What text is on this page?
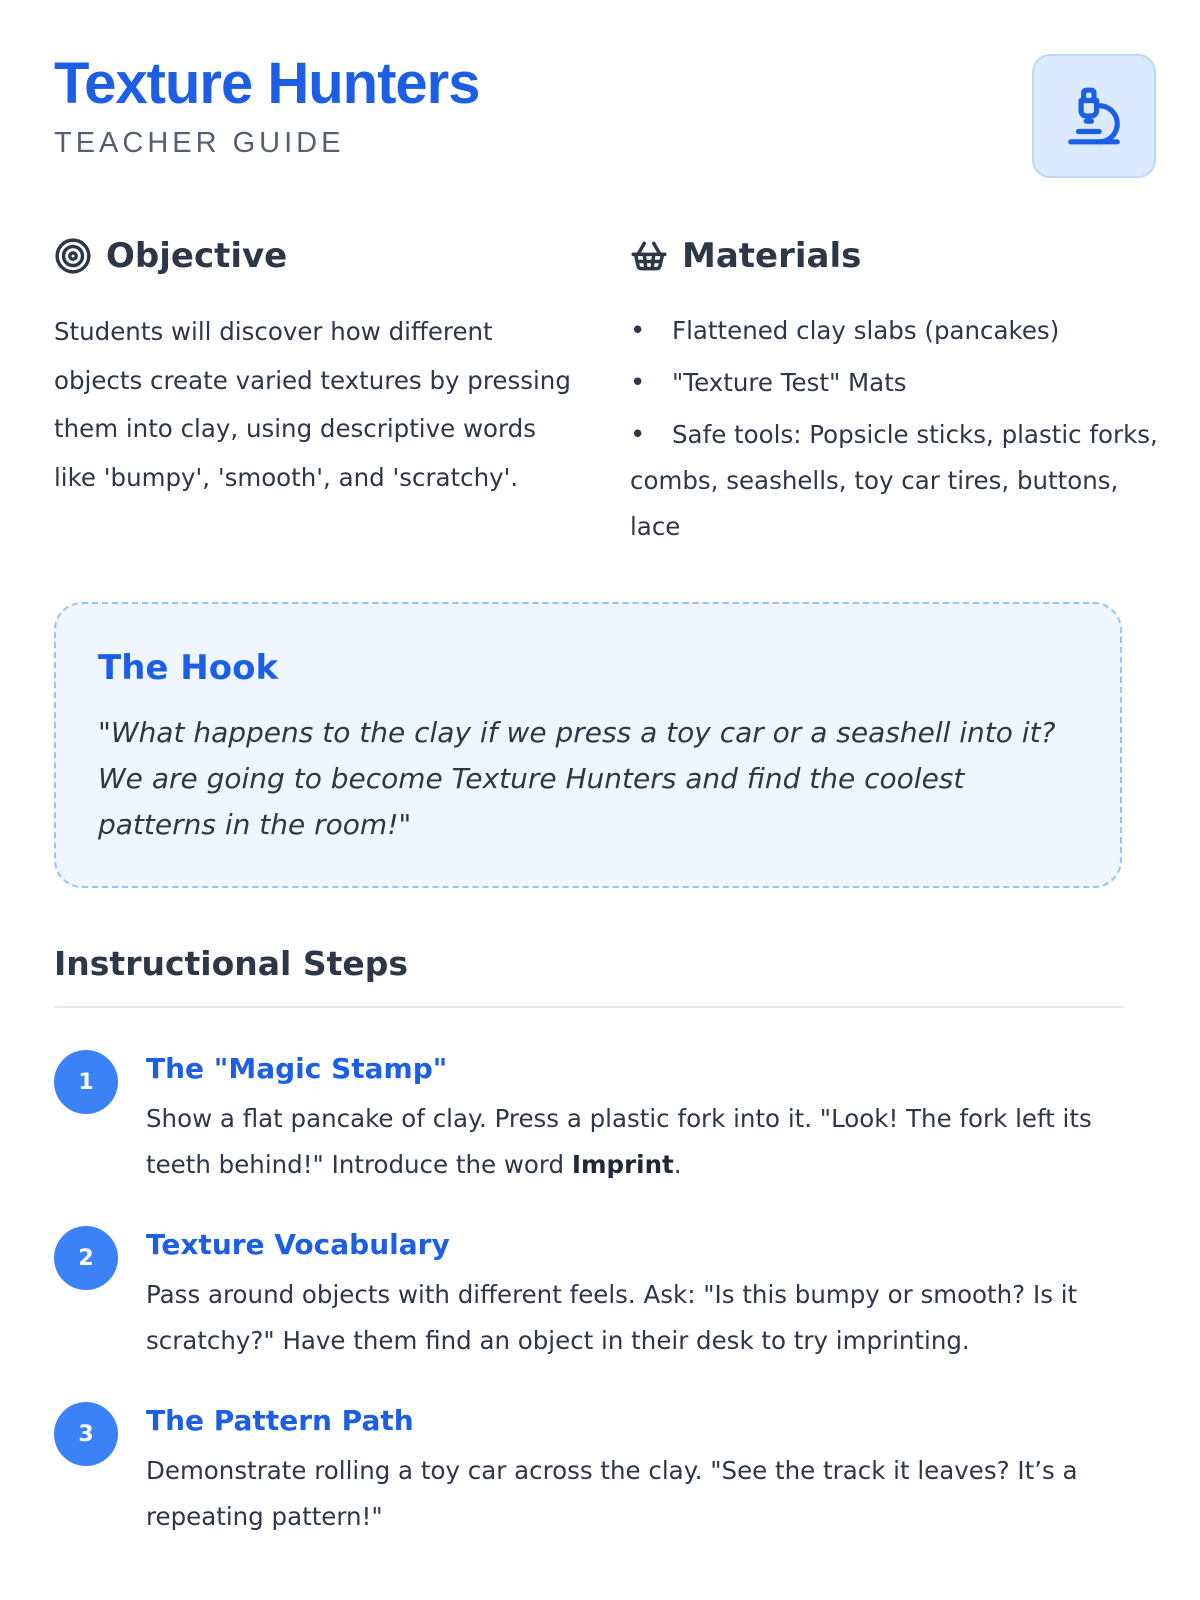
Texture Hunters
TEACHER GUIDE
Objective

Students will discover how different objects create varied textures by pressing them into clay, using descriptive words like 'bumpy', 'smooth', and 'scratchy'.

Materials
• Flattened clay slabs (pancakes)
• "Texture Test" Mats
• Safe tools: Popsicle sticks, plastic forks, combs, seashells, toy car tires, buttons, lace
The Hook

"What happens to the clay if we press a toy car or a seashell into it? We are going to become Texture Hunters and find the coolest patterns in the room!"

Instructional Steps
1	The "Magic Stamp"

Show a flat pancake of clay. Press a plastic fork into it. "Look! The fork left its teeth behind!" Introduce the word Imprint.

2	Texture Vocabulary

Pass around objects with different feels. Ask: "Is this bumpy or smooth? Is it scratchy?" Have them find an object in their desk to try imprinting.

3	The Pattern Path

Demonstrate rolling a toy car across the clay. "See the track it leaves? It’s a repeating pattern!"
